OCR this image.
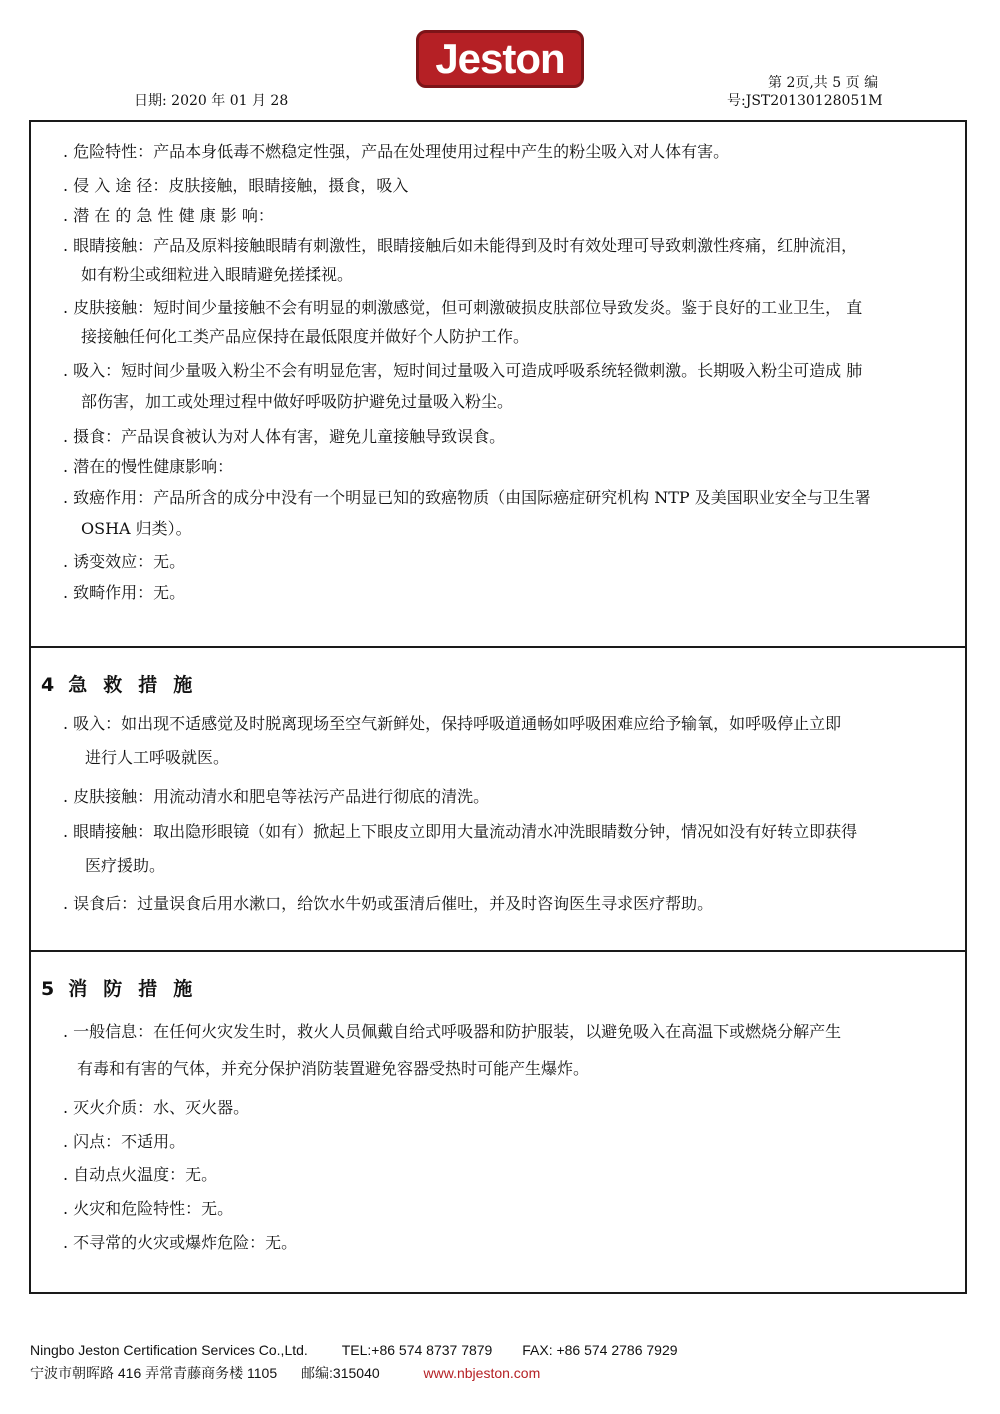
Jeston
日期: 2020 年 01 月 28
第 2页,共 5 页 编
号:JST20130128051M
. 危险特性：产品本身低毒不燃稳定性强，产品在处理使用过程中产生的粉尘吸入对人体有害。
. 侵 入 途 径：皮肤接触，眼睛接触，摄食，吸入
. 潜 在 的 急 性 健 康 影 响：
. 眼睛接触：产品及原料接触眼睛有刺激性，眼睛接触后如未能得到及时有效处理可导致刺激性疼痛，红肿流泪，
如有粉尘或细粒进入眼睛避免搓揉视。
. 皮肤接触：短时间少量接触不会有明显的刺激感觉，但可刺激破损皮肤部位导致发炎。鉴于良好的工业卫生， 直
接接触任何化工类产品应保持在最低限度并做好个人防护工作。
. 吸入：短时间少量吸入粉尘不会有明显危害，短时间过量吸入可造成呼吸系统轻微刺激。长期吸入粉尘可造成 肺
部伤害，加工或处理过程中做好呼吸防护避免过量吸入粉尘。
. 摄食：产品误食被认为对人体有害，避免儿童接触导致误食。
. 潜在的慢性健康影响：
. 致癌作用：产品所含的成分中没有一个明显已知的致癌物质（由国际癌症研究机构 NTP 及美国职业安全与卫生署
OSHA 归类）。
. 诱变效应：无。
. 致畸作用：无。
4 急救措施
. 吸入：如出现不适感觉及时脱离现场至空气新鲜处，保持呼吸道通畅如呼吸困难应给予输氧，如呼吸停止立即
进行人工呼吸就医。
. 皮肤接触：用流动清水和肥皂等祛污产品进行彻底的清洗。
. 眼睛接触：取出隐形眼镜（如有）掀起上下眼皮立即用大量流动清水冲洗眼睛数分钟，情况如没有好转立即获得
医疗援助。
. 误食后：过量误食后用水漱口，给饮水牛奶或蛋清后催吐，并及时咨询医生寻求医疗帮助。
5 消防措施
. 一般信息：在任何火灾发生时，救火人员佩戴自给式呼吸器和防护服装，以避免吸入在高温下或燃烧分解产生
有毒和有害的气体，并充分保护消防装置避免容器受热时可能产生爆炸。
. 灭火介质：水、灭火器。
. 闪点：不适用。
. 自动点火温度：无。
. 火灾和危险特性：无。
. 不寻常的火灾或爆炸危险：无。
Ningbo Jeston Certification Services Co.,Ltd. TEL:+86 574 8737 7879 FAX: +86 574 2786 7929
宁波市朝晖路 416 弄常青藤商务楼 1105 邮编:315040	www.nbjeston.com
